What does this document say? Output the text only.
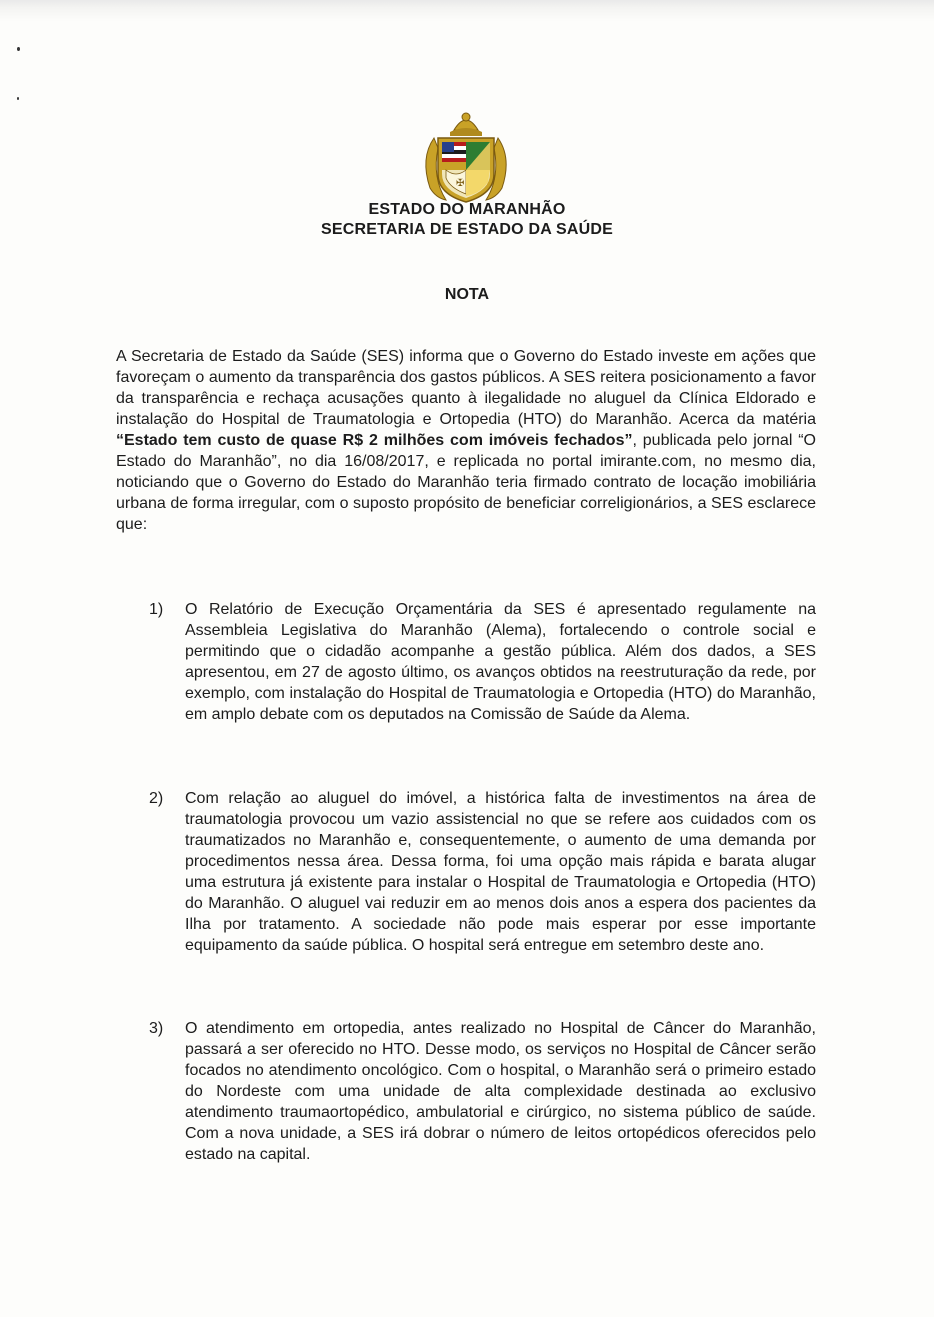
✠
ESTADO DO MARANHÃO
SECRETARIA DE ESTADO DA SAÚDE
NOTA

A Secretaria de Estado da Saúde (SES) informa que o Governo do Estado investe em ações que favoreçam o aumento da transparência dos gastos públicos. A SES reitera posicionamento a favor da transparência e rechaça acusações quanto à ilegalidade no aluguel da Clínica Eldorado e instalação do Hospital de Traumatologia e Ortopedia (HTO) do Maranhão. Acerca da matéria “Estado tem custo de quase R$ 2 milhões com imóveis fechados”, publicada pelo jornal “O Estado do Maranhão”, no dia 16/08/2017, e replicada no portal imirante.com, no mesmo dia, noticiando que o Governo do Estado do Maranhão teria firmado contrato de locação imobiliária urbana de forma irregular, com o suposto propósito de beneficiar correligionários, a SES esclarece que:

1)	O Relatório de Execução Orçamentária da SES é apresentado regulamente na Assembleia Legislativa do Maranhão (Alema), fortalecendo o controle social e permitindo que o cidadão acompanhe a gestão pública. Além dos dados, a SES apresentou, em 27 de agosto último, os avanços obtidos na reestruturação da rede, por exemplo, com instalação do Hospital de Traumatologia e Ortopedia (HTO) do Maranhão, em amplo debate com os deputados na Comissão de Saúde da Alema.

2)	Com relação ao aluguel do imóvel, a histórica falta de investimentos na área de traumatologia provocou um vazio assistencial no que se refere aos cuidados com os traumatizados no Maranhão e, consequentemente, o aumento de uma demanda por procedimentos nessa área. Dessa forma, foi uma opção mais rápida e barata alugar uma estrutura já existente para instalar o Hospital de Traumatologia e Ortopedia (HTO) do Maranhão. O aluguel vai reduzir em ao menos dois anos a espera dos pacientes da Ilha por tratamento. A sociedade não pode mais esperar por esse importante equipamento da saúde pública. O hospital será entregue em setembro deste ano.

3)	O atendimento em ortopedia, antes realizado no Hospital de Câncer do Maranhão, passará a ser oferecido no HTO. Desse modo, os serviços no Hospital de Câncer serão focados no atendimento oncológico. Com o hospital, o Maranhão será o primeiro estado do Nordeste com uma unidade de alta complexidade destinada ao exclusivo atendimento traumaortopédico, ambulatorial e cirúrgico, no sistema público de saúde. Com a nova unidade, a SES irá dobrar o número de leitos ortopédicos oferecidos pelo estado na capital.
